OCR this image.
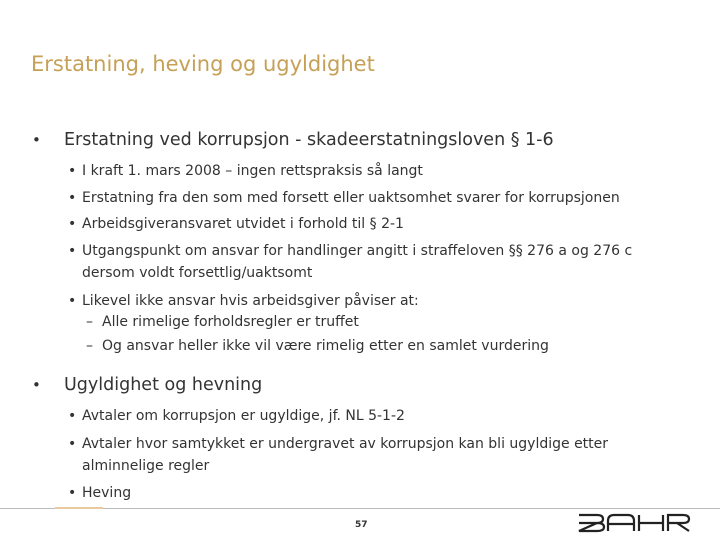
Erstatning, heving og ugyldighet
• Erstatning ved korrupsjon - skadeerstatningsloven § 1-6
• I kraft 1. mars 2008 – ingen rettspraksis så langt
• Erstatning fra den som med forsett eller uaktsomhet svarer for korrupsjonen
• Arbeidsgiveransvaret utvidet i forhold til § 2-1
• Utgangspunkt om ansvar for handlinger angitt i straffeloven §§ 276 a og 276 c
dersom voldt forsettlig/uaktsomt
• Likevel ikke ansvar hvis arbeidsgiver påviser at:
– Alle rimelige forholdsregler er truffet
– Og ansvar heller ikke vil være rimelig etter en samlet vurdering
• Ugyldighet og hevning
• Avtaler om korrupsjon er ugyldige, jf. NL 5-1-2
• Avtaler hvor samtykket er undergravet av korrupsjon kan bli ugyldige etter
alminnelige regler
• Heving
57
